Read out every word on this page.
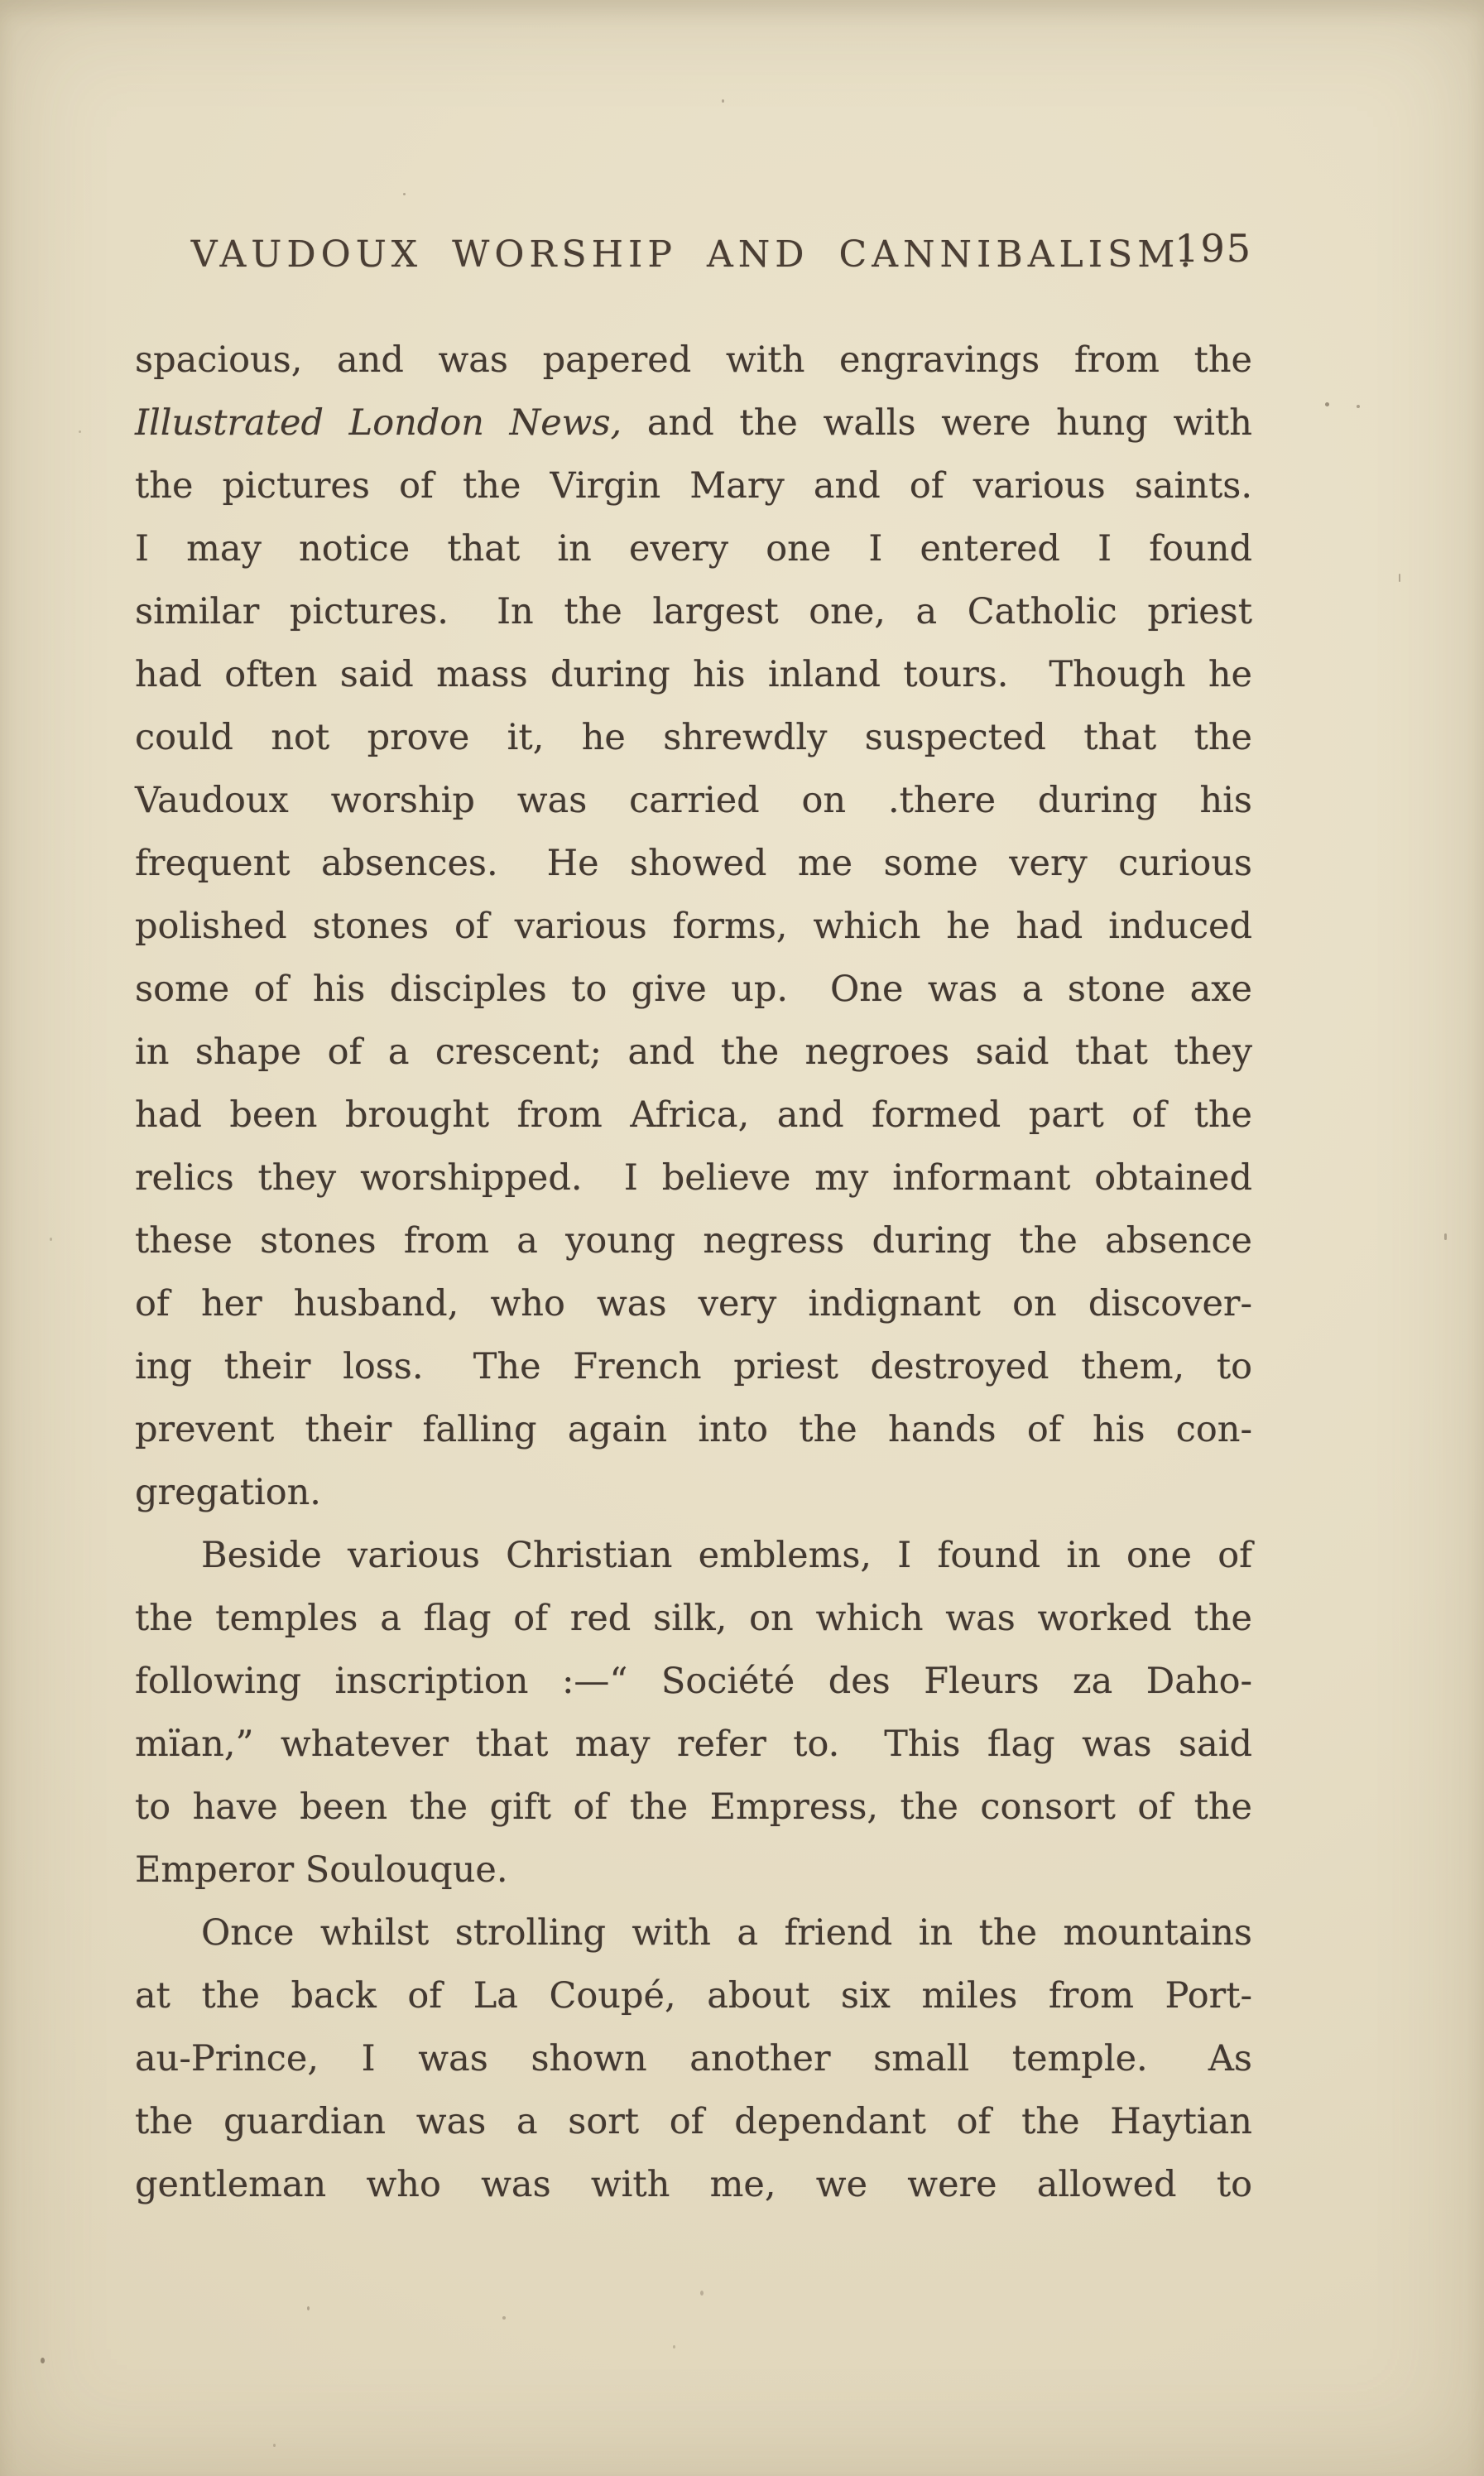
VAUDOUX WORSHIP AND CANNIBALISM.
195
spacious, and was papered with engravings from the
Illustrated London News, and the walls were hung with
the pictures of the Virgin Mary and of various saints.
I may notice that in every one I entered I found
similar pictures.  In the largest one, a Catholic priest
had often said mass during his inland tours.  Though he
could not prove it, he shrewdly suspected that the
Vaudoux worship was carried on .there during his
frequent absences.  He showed me some very curious
polished stones of various forms, which he had induced
some of his disciples to give up.  One was a stone axe
in shape of a crescent; and the negroes said that they
had been brought from Africa, and formed part of the
relics they worshipped.  I believe my informant obtained
these stones from a young negress during the absence
of her husband, who was very indignant on discover-
ing their loss.  The French priest destroyed them, to
prevent their falling again into the hands of his con-
gregation.
Beside various Christian emblems, I found in one of
the temples a flag of red silk, on which was worked the
following inscription :—“ Société des Fleurs za Daho-
mïan,” whatever that may refer to.  This flag was said
to have been the gift of the Empress, the consort of the
Emperor Soulouque.
Once whilst strolling with a friend in the mountains
at the back of La Coupé, about six miles from Port-
au-Prince, I was shown another small temple.  As
the guardian was a sort of dependant of the Haytian
gentleman who was with me, we were allowed to
